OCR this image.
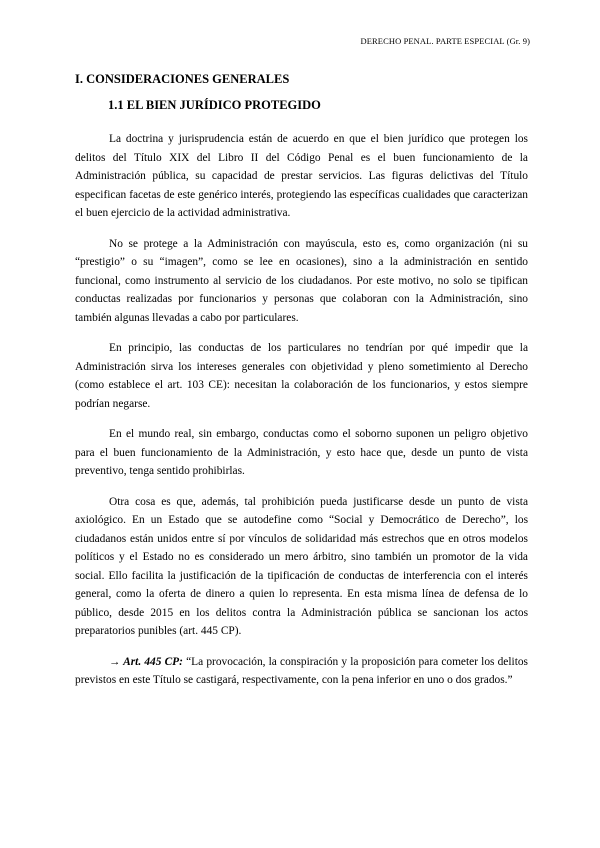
DERECHO PENAL. PARTE ESPECIAL (Gr. 9)
I. CONSIDERACIONES GENERALES
1.1 EL BIEN JURÍDICO PROTEGIDO

La doctrina y jurisprudencia están de acuerdo en que el bien jurídico que protegen los delitos del Título XIX del Libro II del Código Penal es el buen funcionamiento de la Administración pública, su capacidad de prestar servicios. Las figuras delictivas del Título especifican facetas de este genérico interés, protegiendo las específicas cualidades que caracterizan el buen ejercicio de la actividad administrativa.

No se protege a la Administración con mayúscula, esto es, como organización (ni su “prestigio” o su “imagen”, como se lee en ocasiones), sino a la administración en sentido funcional, como instrumento al servicio de los ciudadanos. Por este motivo, no solo se tipifican conductas realizadas por funcionarios y personas que colaboran con la Administración, sino también algunas llevadas a cabo por particulares.

En principio, las conductas de los particulares no tendrían por qué impedir que la Administración sirva los intereses generales con objetividad y pleno sometimiento al Derecho (como establece el art. 103 CE): necesitan la colaboración de los funcionarios, y estos siempre podrían negarse.

En el mundo real, sin embargo, conductas como el soborno suponen un peligro objetivo para el buen funcionamiento de la Administración, y esto hace que, desde un punto de vista preventivo, tenga sentido prohibirlas.

Otra cosa es que, además, tal prohibición pueda justificarse desde un punto de vista axiológico. En un Estado que se autodefine como “Social y Democrático de Derecho”, los ciudadanos están unidos entre sí por vínculos de solidaridad más estrechos que en otros modelos políticos y el Estado no es considerado un mero árbitro, sino también un promotor de la vida social. Ello facilita la justificación de la tipificación de conductas de interferencia con el interés general, como la oferta de dinero a quien lo representa. En esta misma línea de defensa de lo público, desde 2015 en los delitos contra la Administración pública se sancionan los actos preparatorios punibles (art. 445 CP).

→ Art. 445 CP: “La provocación, la conspiración y la proposición para cometer los delitos previstos en este Título se castigará, respectivamente, con la pena inferior en uno o dos grados.”
